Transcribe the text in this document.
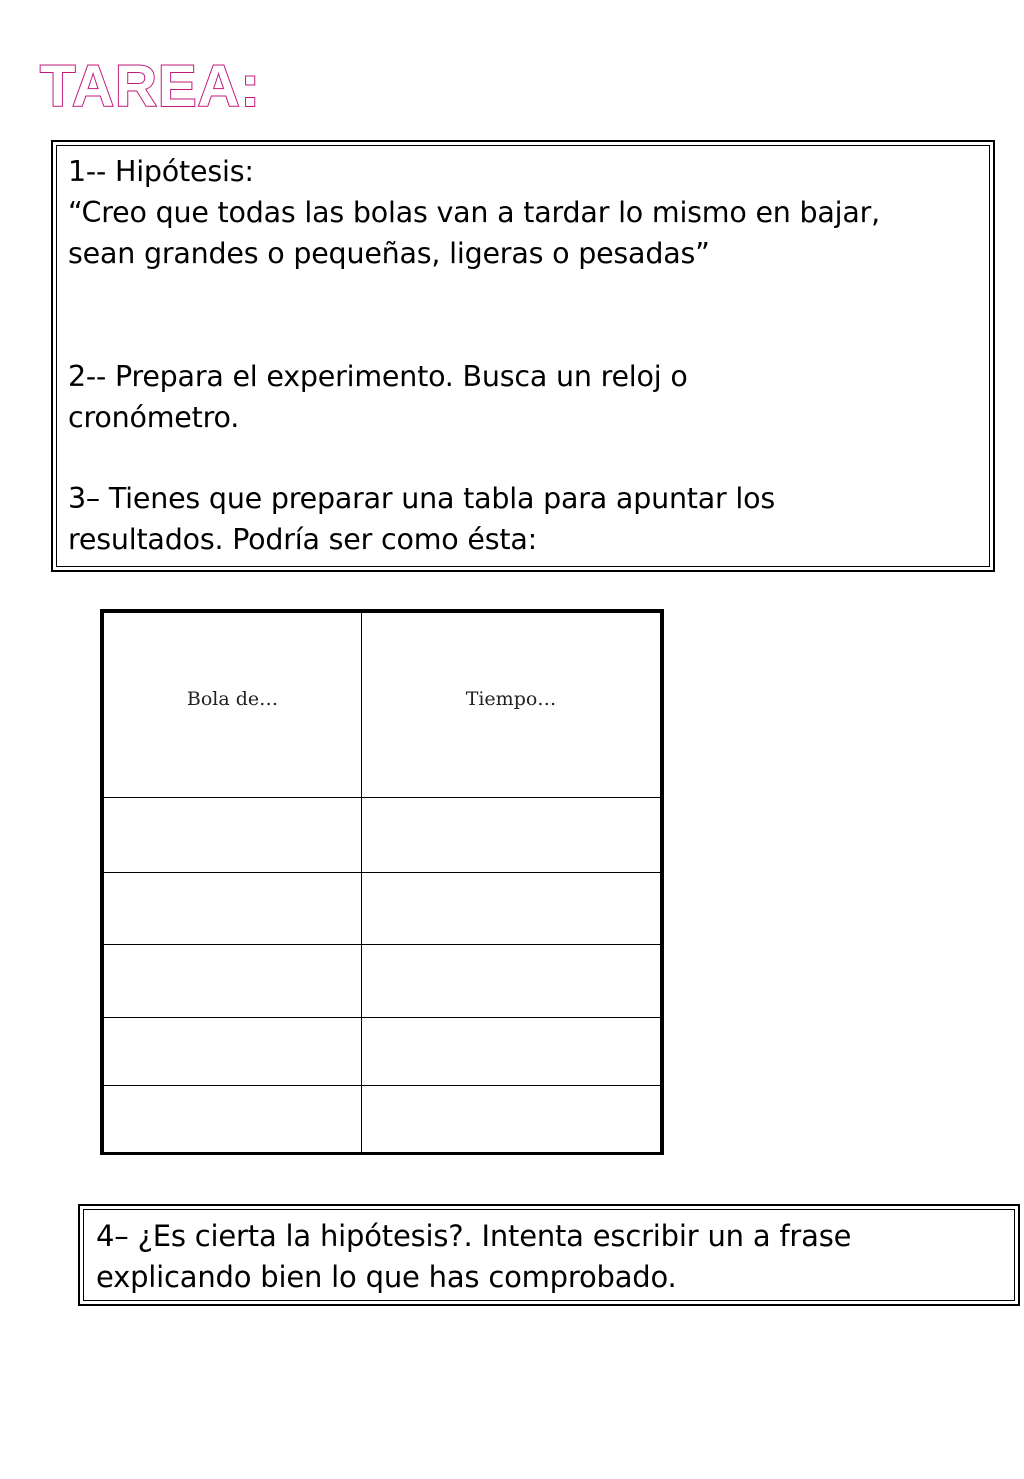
TAREA:
1-- Hipótesis:
“Creo que todas las bolas van a tardar lo mismo en bajar,
sean grandes o pequeñas, ligeras o pesadas”
2-- Prepara el experimento. Busca un reloj o
cronómetro.
3– Tienes que preparar una tabla para apuntar los
resultados. Podría ser como ésta:
Bola de…	Tiempo…

4– ¿Es cierta la hipótesis?. Intenta escribir un a frase
explicando bien lo que has comprobado.
